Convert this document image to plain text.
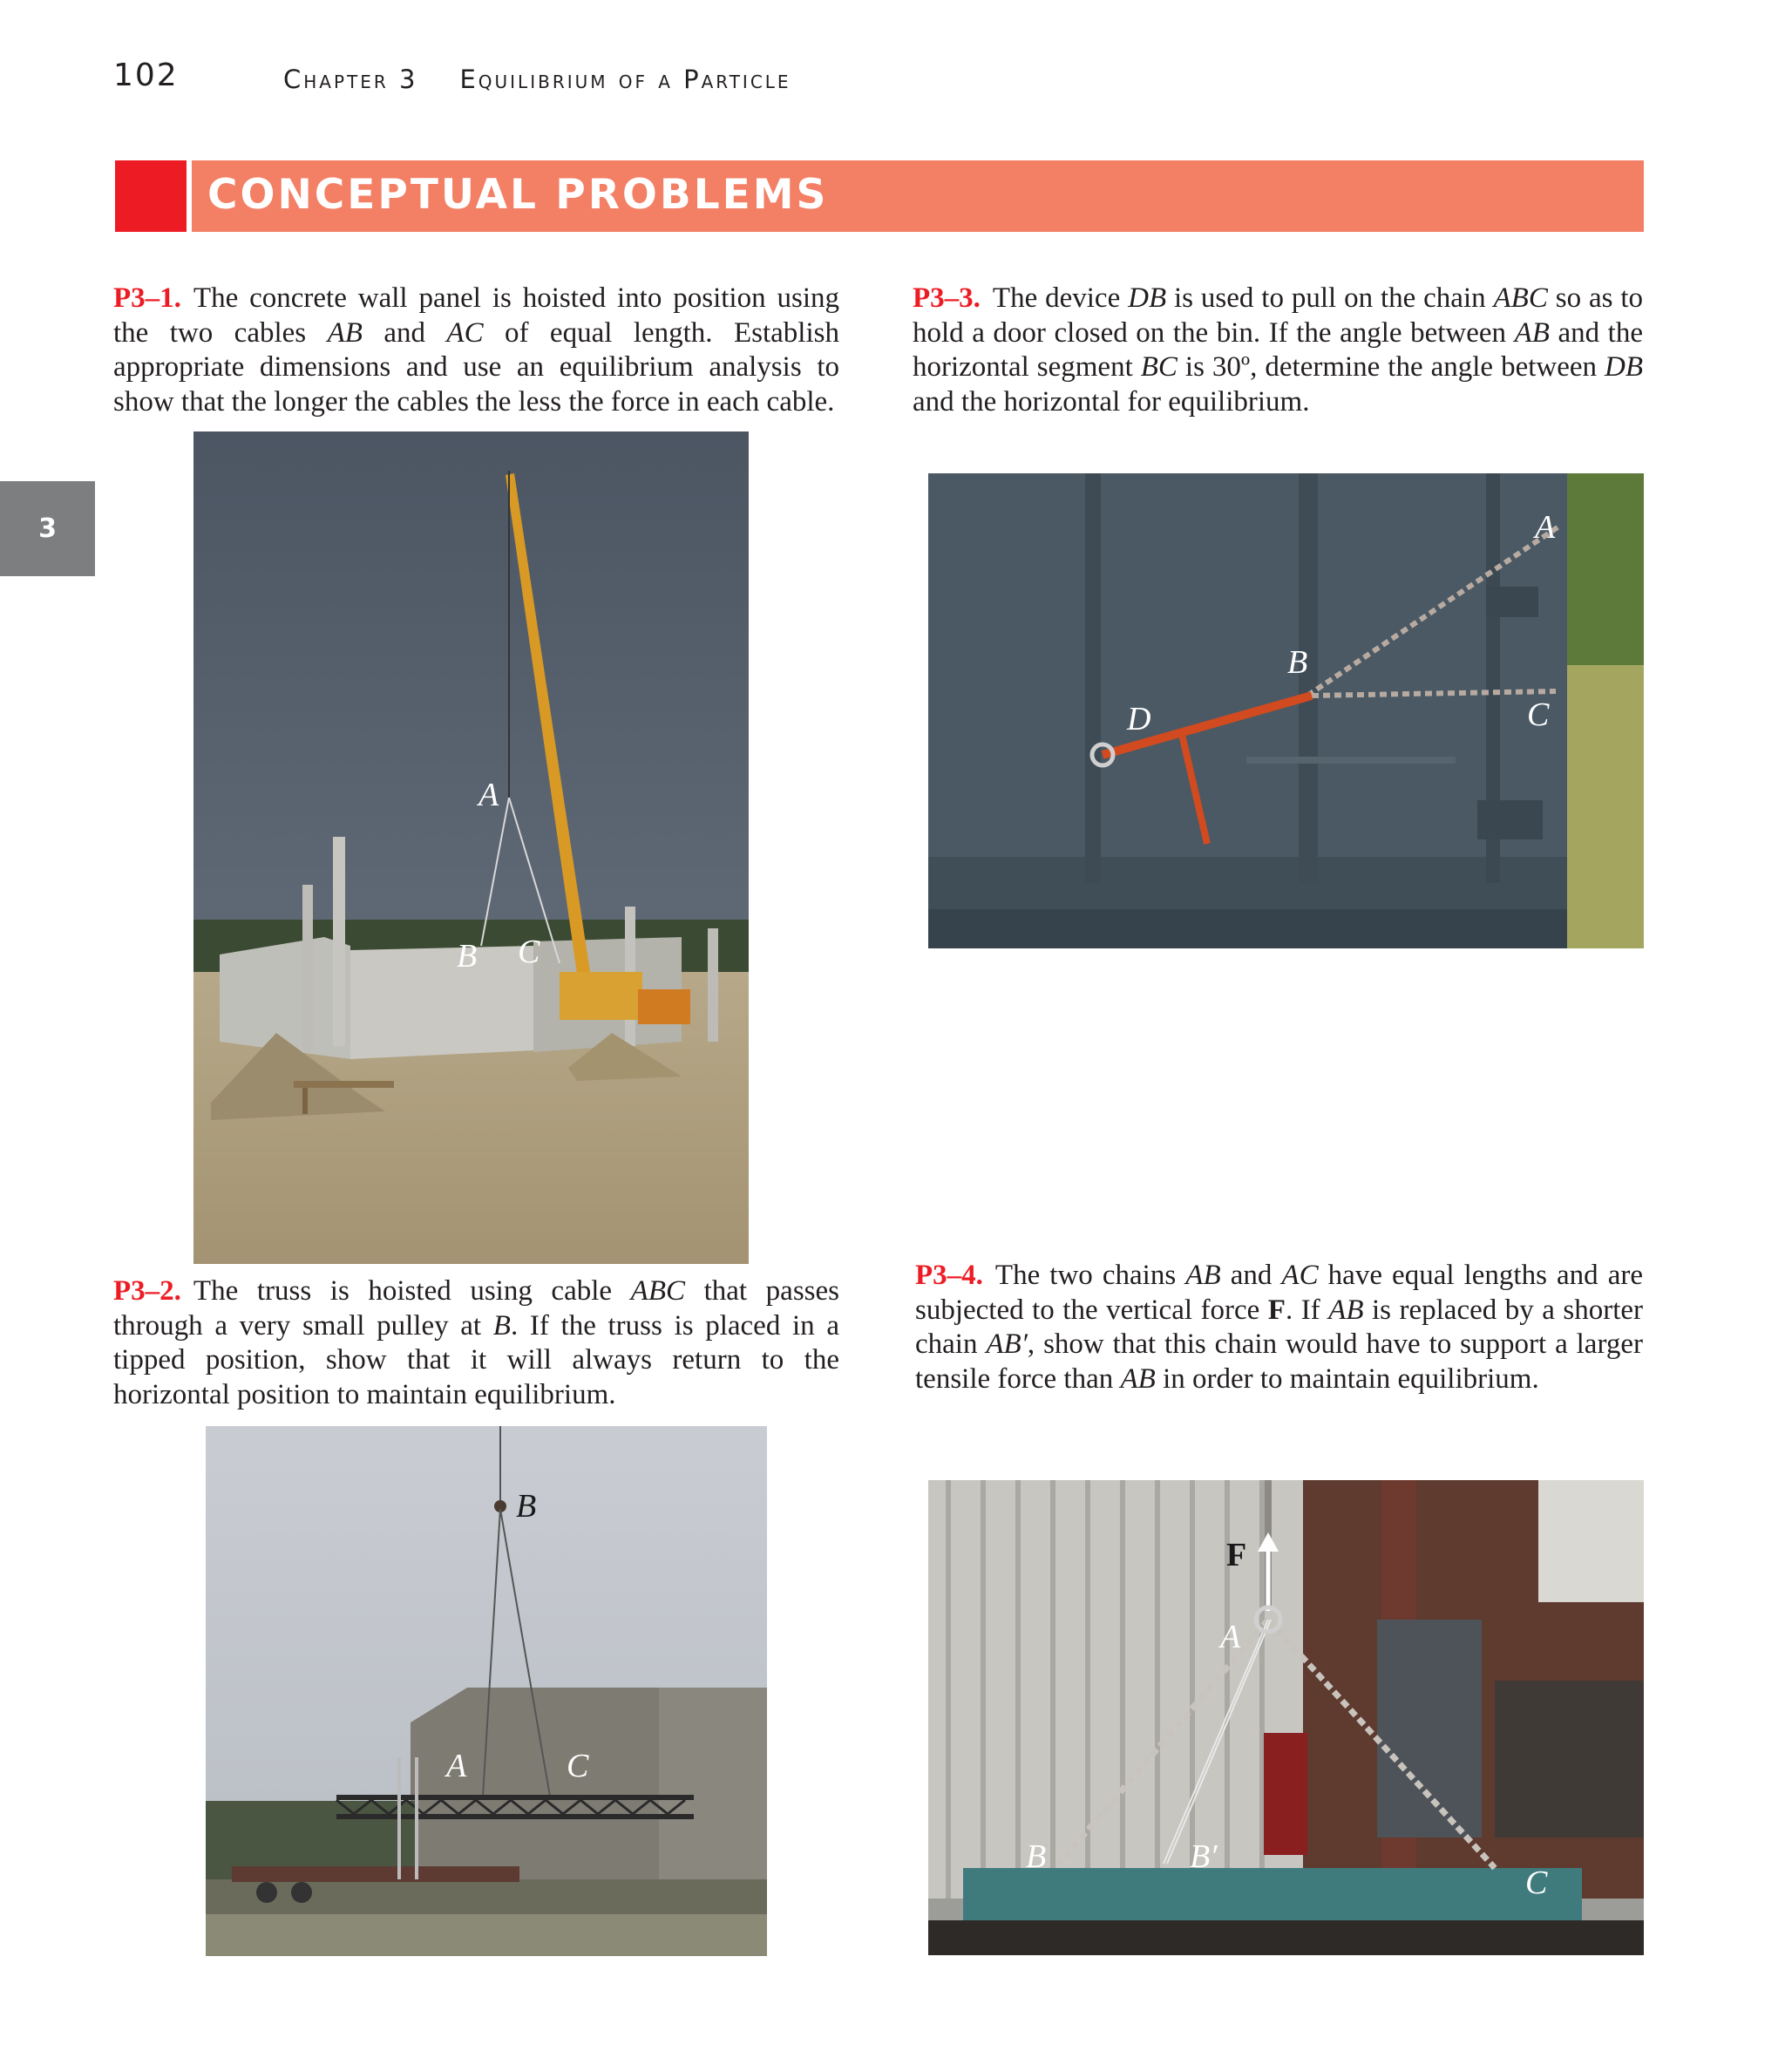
102	Chapter 3 Equilibrium of a Particle
CONCEPTUAL PROBLEMS
3
P3–1. The concrete wall panel is hoisted into position using the two cables AB and AC of equal length. Establish appropriate dimensions and use an equilibrium analysis to show that the longer the cables the less the force in each cable.
P3–3. The device DB is used to pull on the chain ABC so as to hold a door closed on the bin. If the angle between AB and the horizontal segment BC is 30º, determine the angle between DB and the horizontal for equilibrium.
A
B C
A
B
C
D
P3–2. The truss is hoisted using cable ABC that passes through a very small pulley at B. If the truss is placed in a tipped position, show that it will always return to the horizontal position to maintain equilibrium.
P3–4. The two chains AB and AC have equal lengths and are subjected to the vertical force F. If AB is replaced by a shorter chain AB′, show that this chain would have to support a larger tensile force than AB in order to maintain equilibrium.
B
A	C
F
A
B	B′
C
